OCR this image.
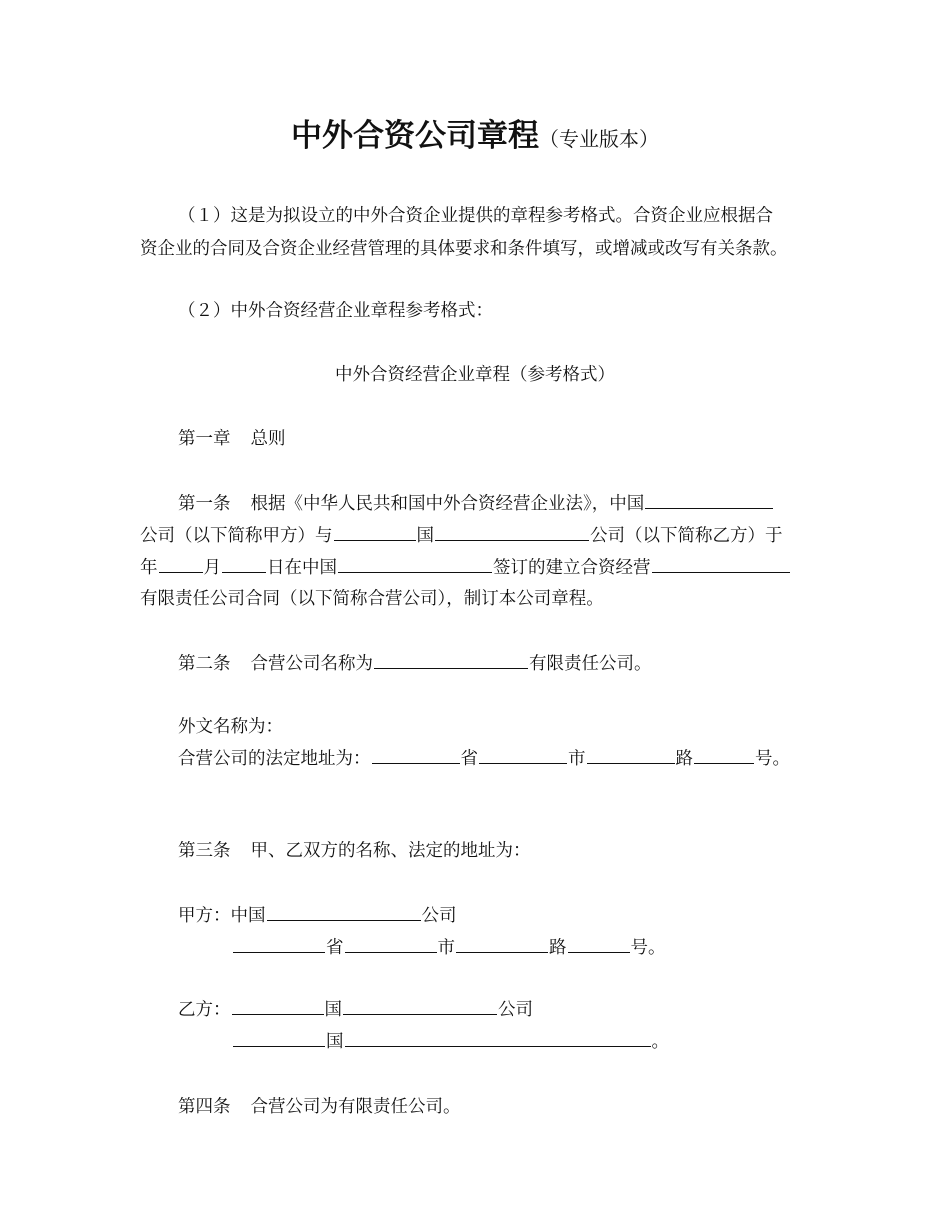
中外合资公司章程（专业版本）
（１）这是为拟设立的中外合资企业提供的章程参考格式。合资企业应根据合
资企业的合同及合资企业经营管理的具体要求和条件填写，或增减或改写有关条款。
（２）中外合资经营企业章程参考格式：
中外合资经营企业章程（参考格式）
第一章 总则
第一条 根据《中华人民共和国中外合资经营企业法》，中国
公司（以下简称甲方）与	国	公司（以下简称乙方）于
年	月	日在中国	签订的建立合资经营
有限责任公司合同（以下简称合营公司），制订本公司章程。
第二条 合营公司名称为	有限责任公司。
外文名称为：
合营公司的法定地址为：	省	市	路	号。
第三条 甲、乙双方的名称、法定的地址为：
甲方：中国	公司
省	市	路	号。
乙方：	国	公司
国	。
第四条 合营公司为有限责任公司。
